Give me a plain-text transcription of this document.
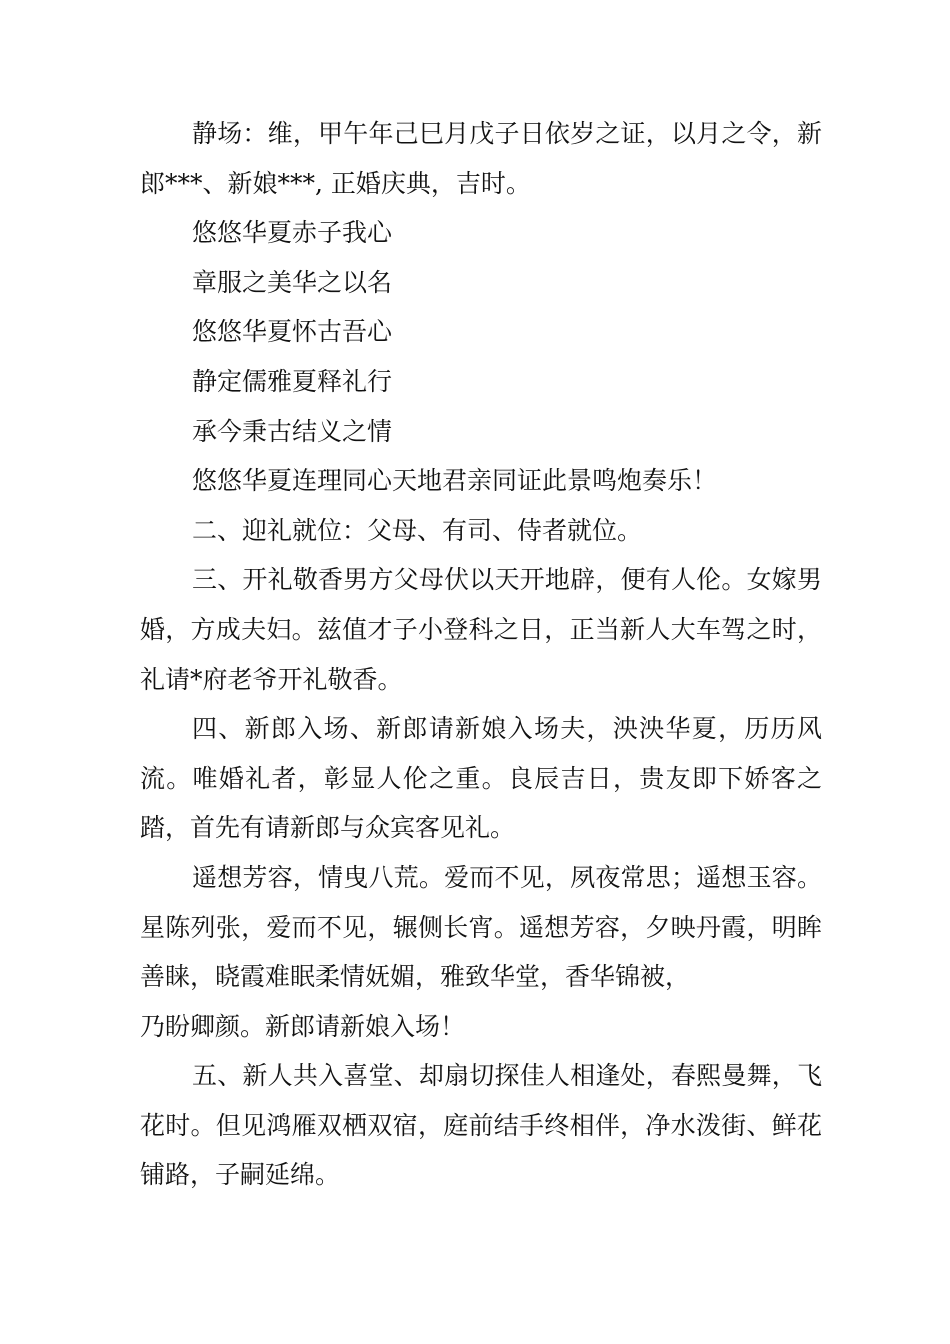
静场：维，甲午年己巳月戊子日依岁之证，以月之令，新郎***、新娘***, 正婚庆典，吉时。

悠悠华夏赤子我心

章服之美华之以名

悠悠华夏怀古吾心

静定儒雅夏释礼行

承今秉古结义之情

悠悠华夏连理同心天地君亲同证此景鸣炮奏乐！

二、迎礼就位：父母、有司、侍者就位。

三、开礼敬香男方父母伏以天开地辟，便有人伦。女嫁男婚，方成夫妇。兹值才子小登科之日，正当新人大车驾之时，礼请*府老爷开礼敬香。

四、新郎入场、新郎请新娘入场夫，泱泱华夏，历历风流。唯婚礼者，彰显人伦之重。良辰吉日，贵友即下娇客之踏，首先有请新郎与众宾客见礼。

遥想芳容，情曳八荒。爱而不见，夙夜常思；遥想玉容。星陈列张，爱而不见，辗侧长宵。遥想芳容，夕映丹霞，明眸善睐，晓霞难眠柔情妩媚，雅致华堂，香华锦被，

乃盼卿颜。新郎请新娘入场！

五、新人共入喜堂、却扇切探佳人相逢处，春熙曼舞，飞花时。但见鸿雁双栖双宿，庭前结手终相伴，净水泼街、鲜花铺路，子嗣延绵。
